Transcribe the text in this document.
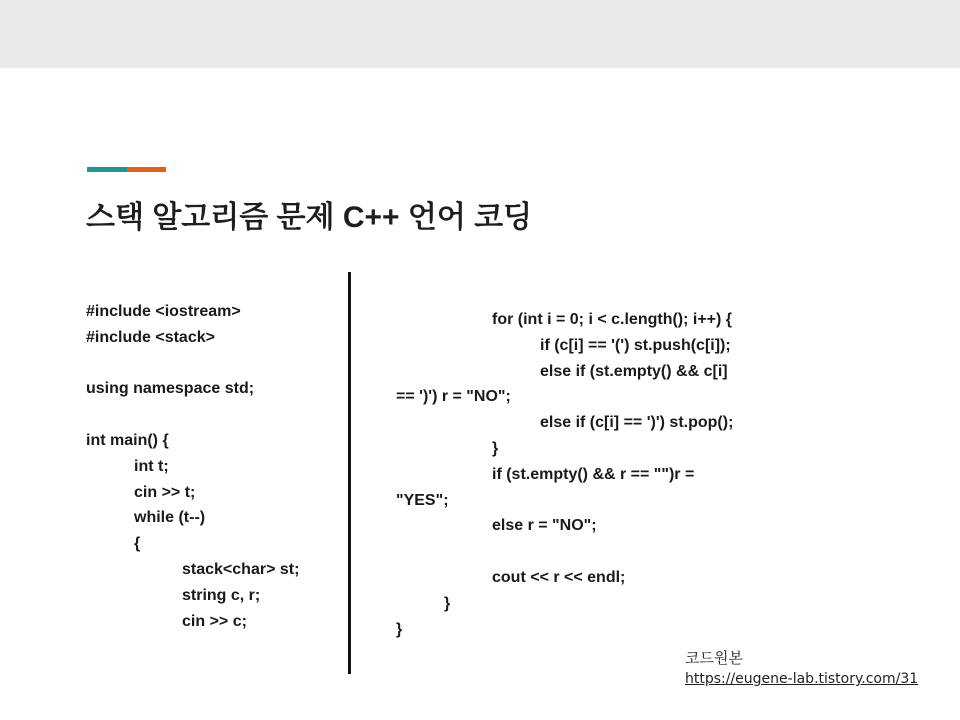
스택 알고리즘 문제 C++ 언어 코딩
#include <iostream>
#include <stack>

using namespace std;

int main() {
	int t;
	cin >> t;
	while (t--)
	{
		stack<char> st;
		string c, r;
		cin >> c;
		for (int i = 0; i < c.length(); i++) {
			if (c[i] == '(') st.push(c[i]);
			else if (st.empty() && c[i]
== ')') r = "NO";
			else if (c[i] == ')') st.pop();
		}
		if (st.empty() && r == "")r =
"YES";
		else r = "NO";

		cout << r << endl;
	}
}
코드원본
https://eugene-lab.tistory.com/31
